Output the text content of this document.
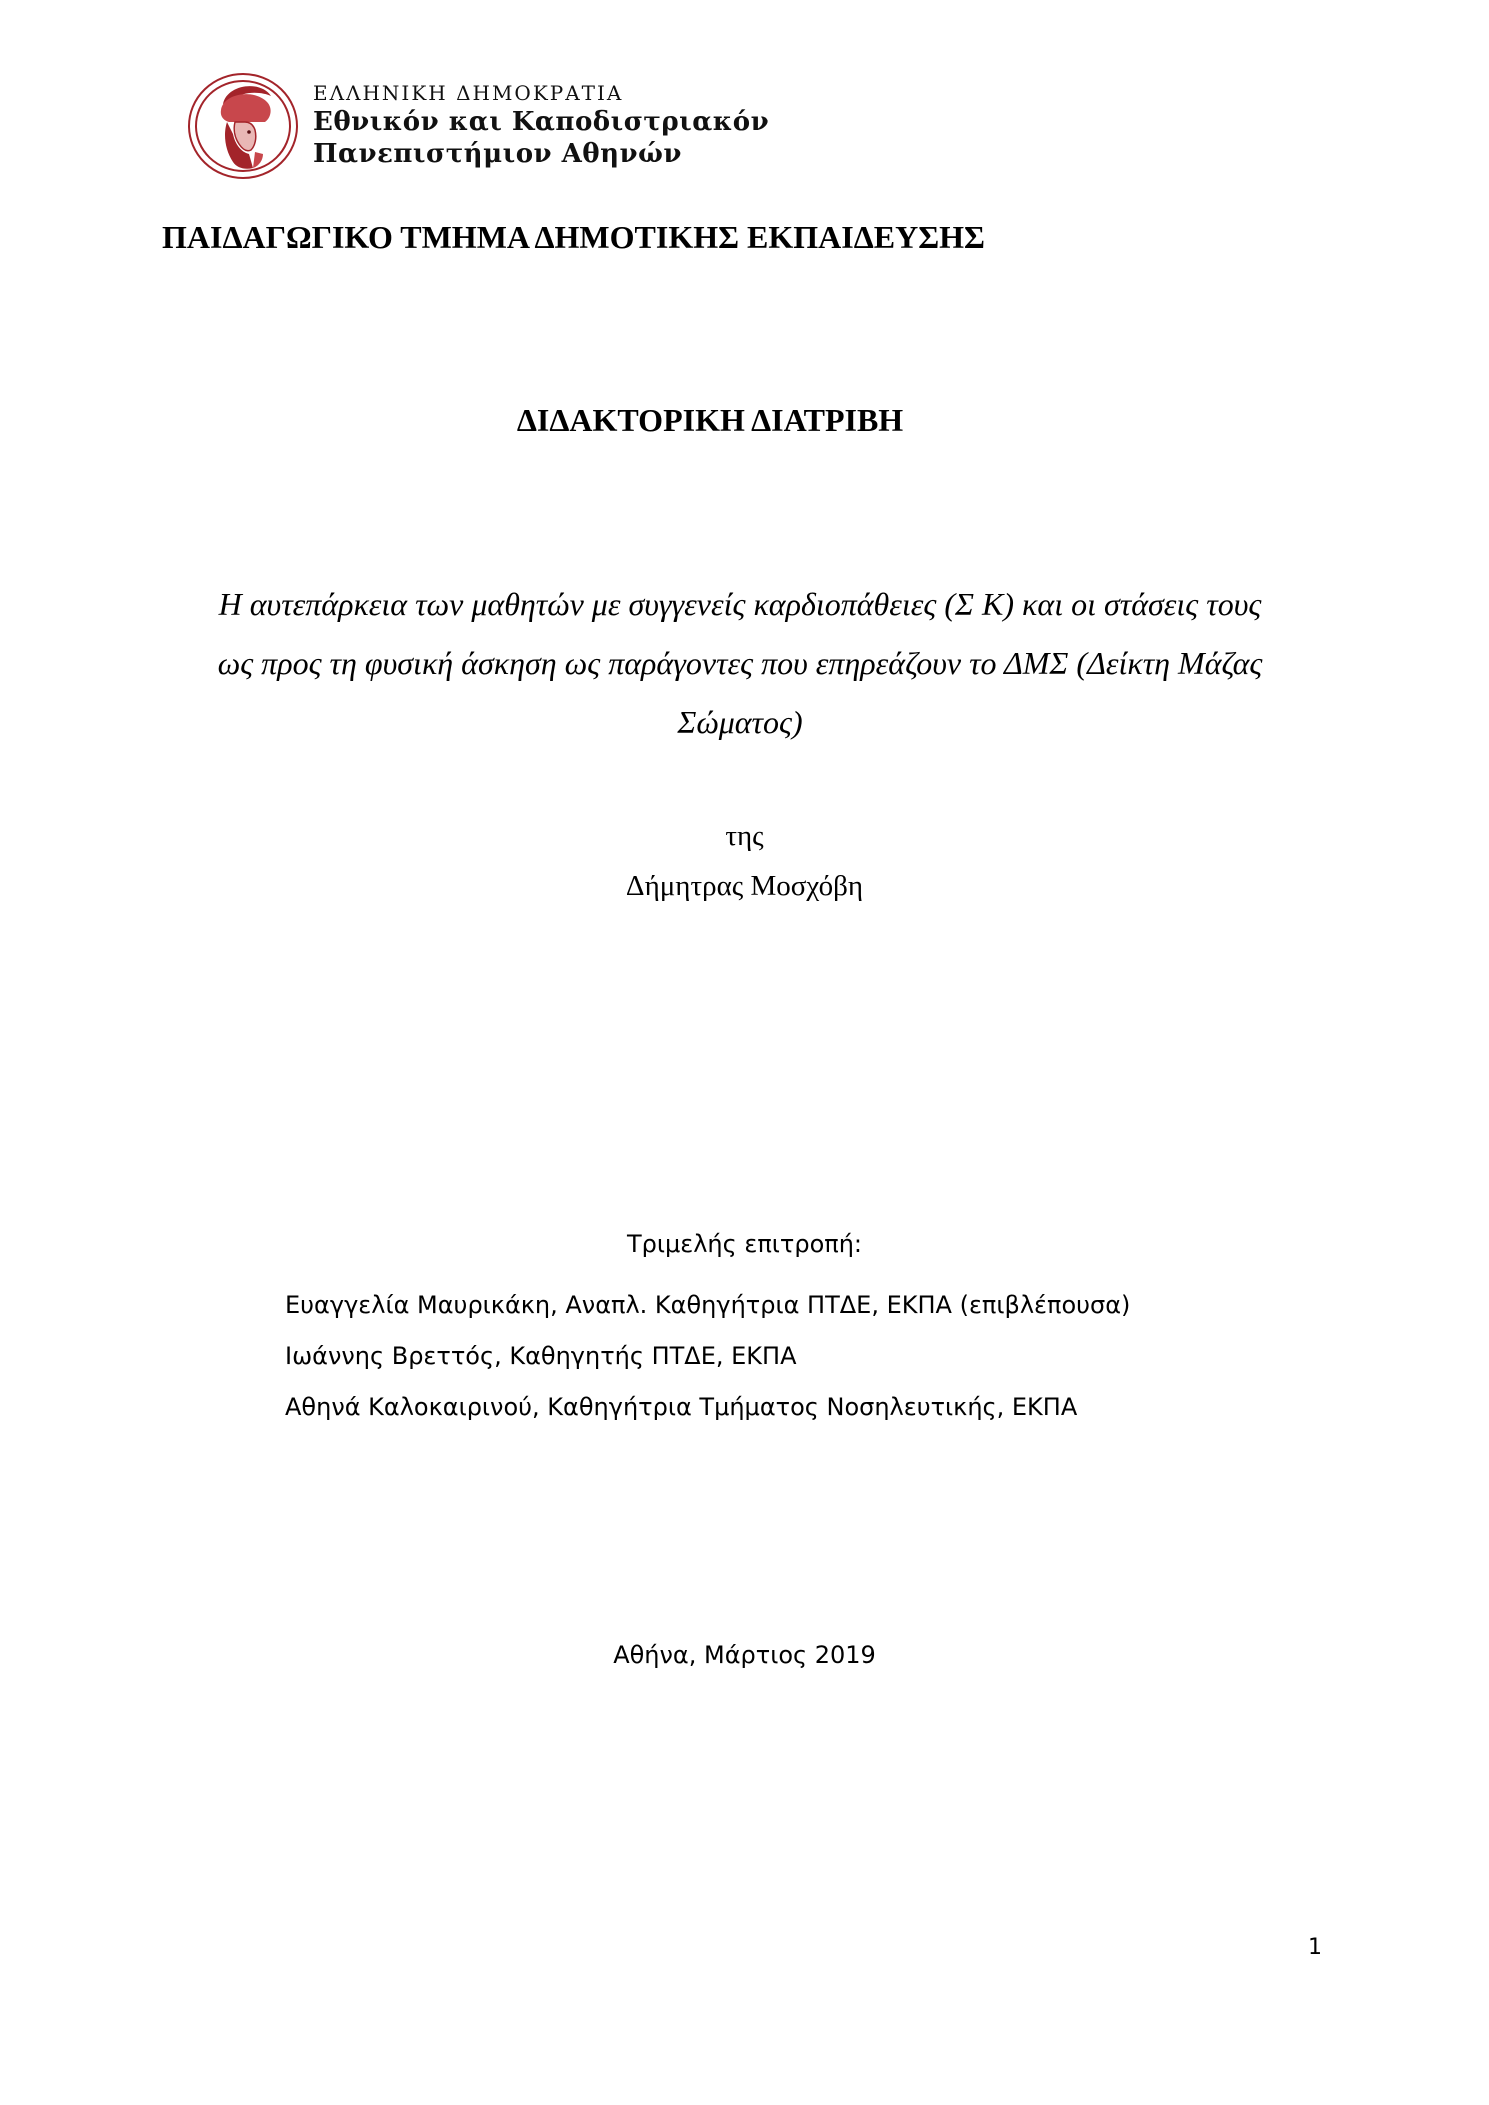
ΕΛΛΗΝΙΚΗ ΔΗΜΟΚΡΑΤΙΑ
Εθνικόν και Καποδιστριακόν
Πανεπιστήμιον Αθηνών
ΠΑΙΔΑΓΩΓΙΚΟ ΤΜΗΜΑ ΔΗΜΟΤΙΚΗΣ ΕΚΠΑΙΔΕΥΣΗΣ
ΔΙΔΑΚΤΟΡΙΚΗ ΔΙΑΤΡΙΒΗ

Η αυτεπάρκεια των μαθητών με συγγενείς καρδιοπάθειες (Σ Κ) και οι στάσεις τους
ως προς τη φυσική άσκηση ως παράγοντες που επηρεάζουν το ΔΜΣ (Δείκτη Μάζας
Σώματος)

της
Δήμητρας Μοσχόβη
Τριμελής επιτροπή:
Ευαγγελία Μαυρικάκη, Αναπλ. Καθηγήτρια ΠΤΔΕ, ΕΚΠΑ (επιβλέπουσα)
Ιωάννης Βρεττός, Καθηγητής ΠΤΔΕ, ΕΚΠΑ
Αθηνά Καλοκαιρινού, Καθηγήτρια Τμήματος Νοσηλευτικής, ΕΚΠΑ
Αθήνα, Μάρτιος 2019
1
